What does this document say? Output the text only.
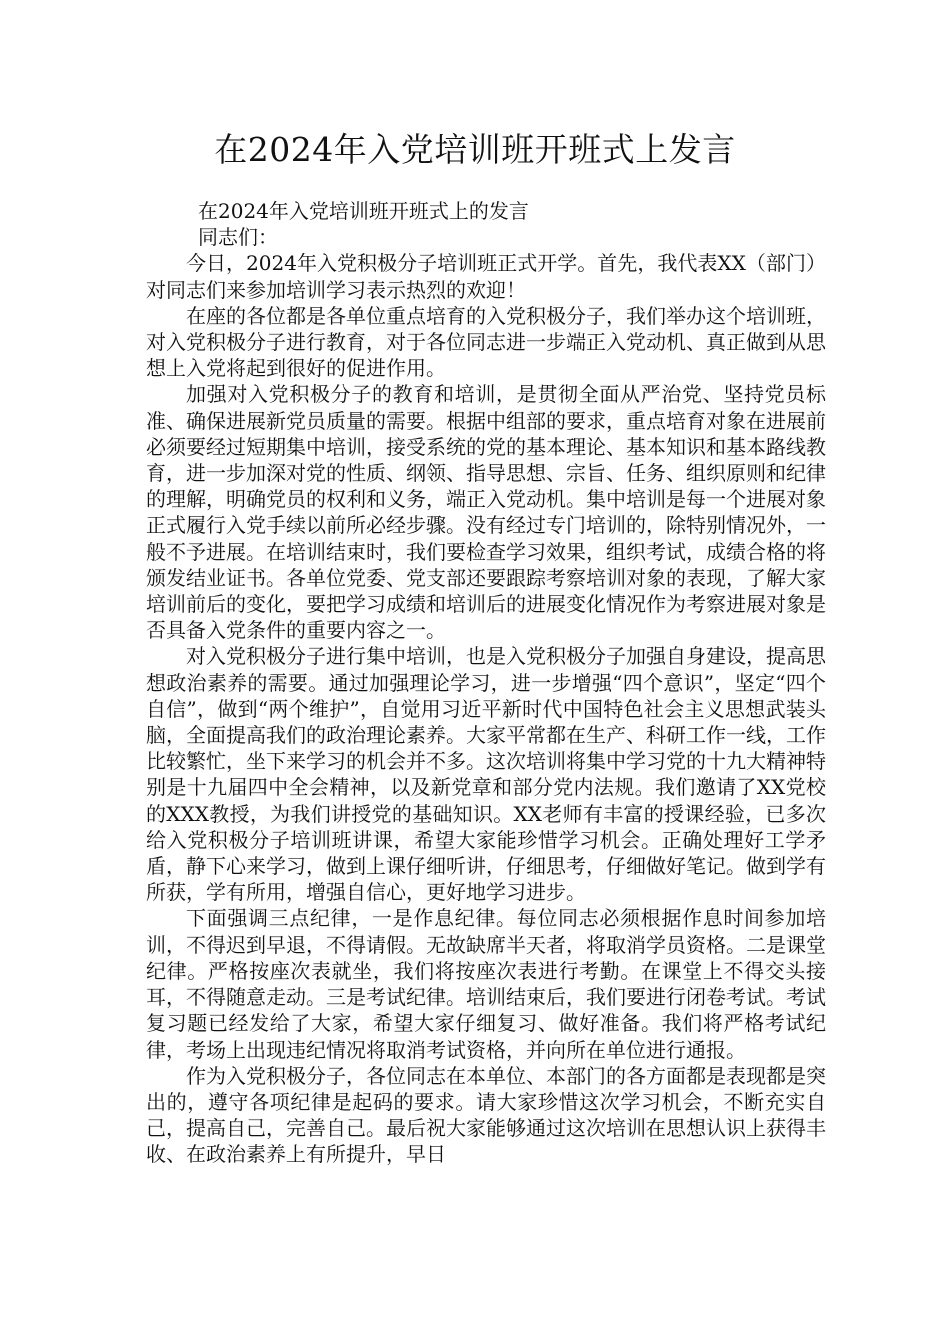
在2024年入党培训班开班式上发言

在2024年入党培训班开班式上的发言

同志们：

今日，2024年入党积极分子培训班正式开学。首先，我代表XX（部门）对同志们来参加培训学习表示热烈的欢迎！

在座的各位都是各单位重点培育的入党积极分子，我们举办这个培训班，对入党积极分子进行教育，对于各位同志进一步端正入党动机、真正做到从思想上入党将起到很好的促进作用。

加强对入党积极分子的教育和培训，是贯彻全面从严治党、坚持党员标准、确保进展新党员质量的需要。根据中组部的要求，重点培育对象在进展前必须要经过短期集中培训，接受系统的党的基本理论、基本知识和基本路线教育，进一步加深对党的性质、纲领、指导思想、宗旨、任务、组织原则和纪律的理解，明确党员的权利和义务，端正入党动机。集中培训是每一个进展对象正式履行入党手续以前所必经步骤。没有经过专门培训的，除特别情况外，一般不予进展。在培训结束时，我们要检查学习效果，组织考试，成绩合格的将颁发结业证书。各单位党委、党支部还要跟踪考察培训对象的表现，了解大家培训前后的变化，要把学习成绩和培训后的进展变化情况作为考察进展对象是否具备入党条件的重要内容之一。

对入党积极分子进行集中培训，也是入党积极分子加强自身建设，提高思想政治素养的需要。通过加强理论学习，进一步增强“四个意识”，坚定“四个自信”，做到“两个维护”，自觉用习近平新时代中国特色社会主义思想武装头脑，全面提高我们的政治理论素养。大家平常都在生产、科研工作一线，工作比较繁忙，坐下来学习的机会并不多。这次培训将集中学习党的十九大精神特别是十九届四中全会精神，以及新党章和部分党内法规。我们邀请了XX党校的XXX教授，为我们讲授党的基础知识。XX老师有丰富的授课经验，已多次给入党积极分子培训班讲课，希望大家能珍惜学习机会。正确处理好工学矛盾，静下心来学习，做到上课仔细听讲，仔细思考，仔细做好笔记。做到学有所获，学有所用，增强自信心，更好地学习进步。

下面强调三点纪律，一是作息纪律。每位同志必须根据作息时间参加培训，不得迟到早退，不得请假。无故缺席半天者，将取消学员资格。二是课堂纪律。严格按座次表就坐，我们将按座次表进行考勤。在课堂上不得交头接耳，不得随意走动。三是考试纪律。培训结束后，我们要进行闭卷考试。考试复习题已经发给了大家，希望大家仔细复习、做好准备。我们将严格考试纪律，考场上出现违纪情况将取消考试资格，并向所在单位进行通报。

作为入党积极分子，各位同志在本单位、本部门的各方面都是表现都是突出的，遵守各项纪律是起码的要求。请大家珍惜这次学习机会，不断充实自己，提高自己，完善自己。最后祝大家能够通过这次培训在思想认识上获得丰收、在政治素养上有所提升，早日
